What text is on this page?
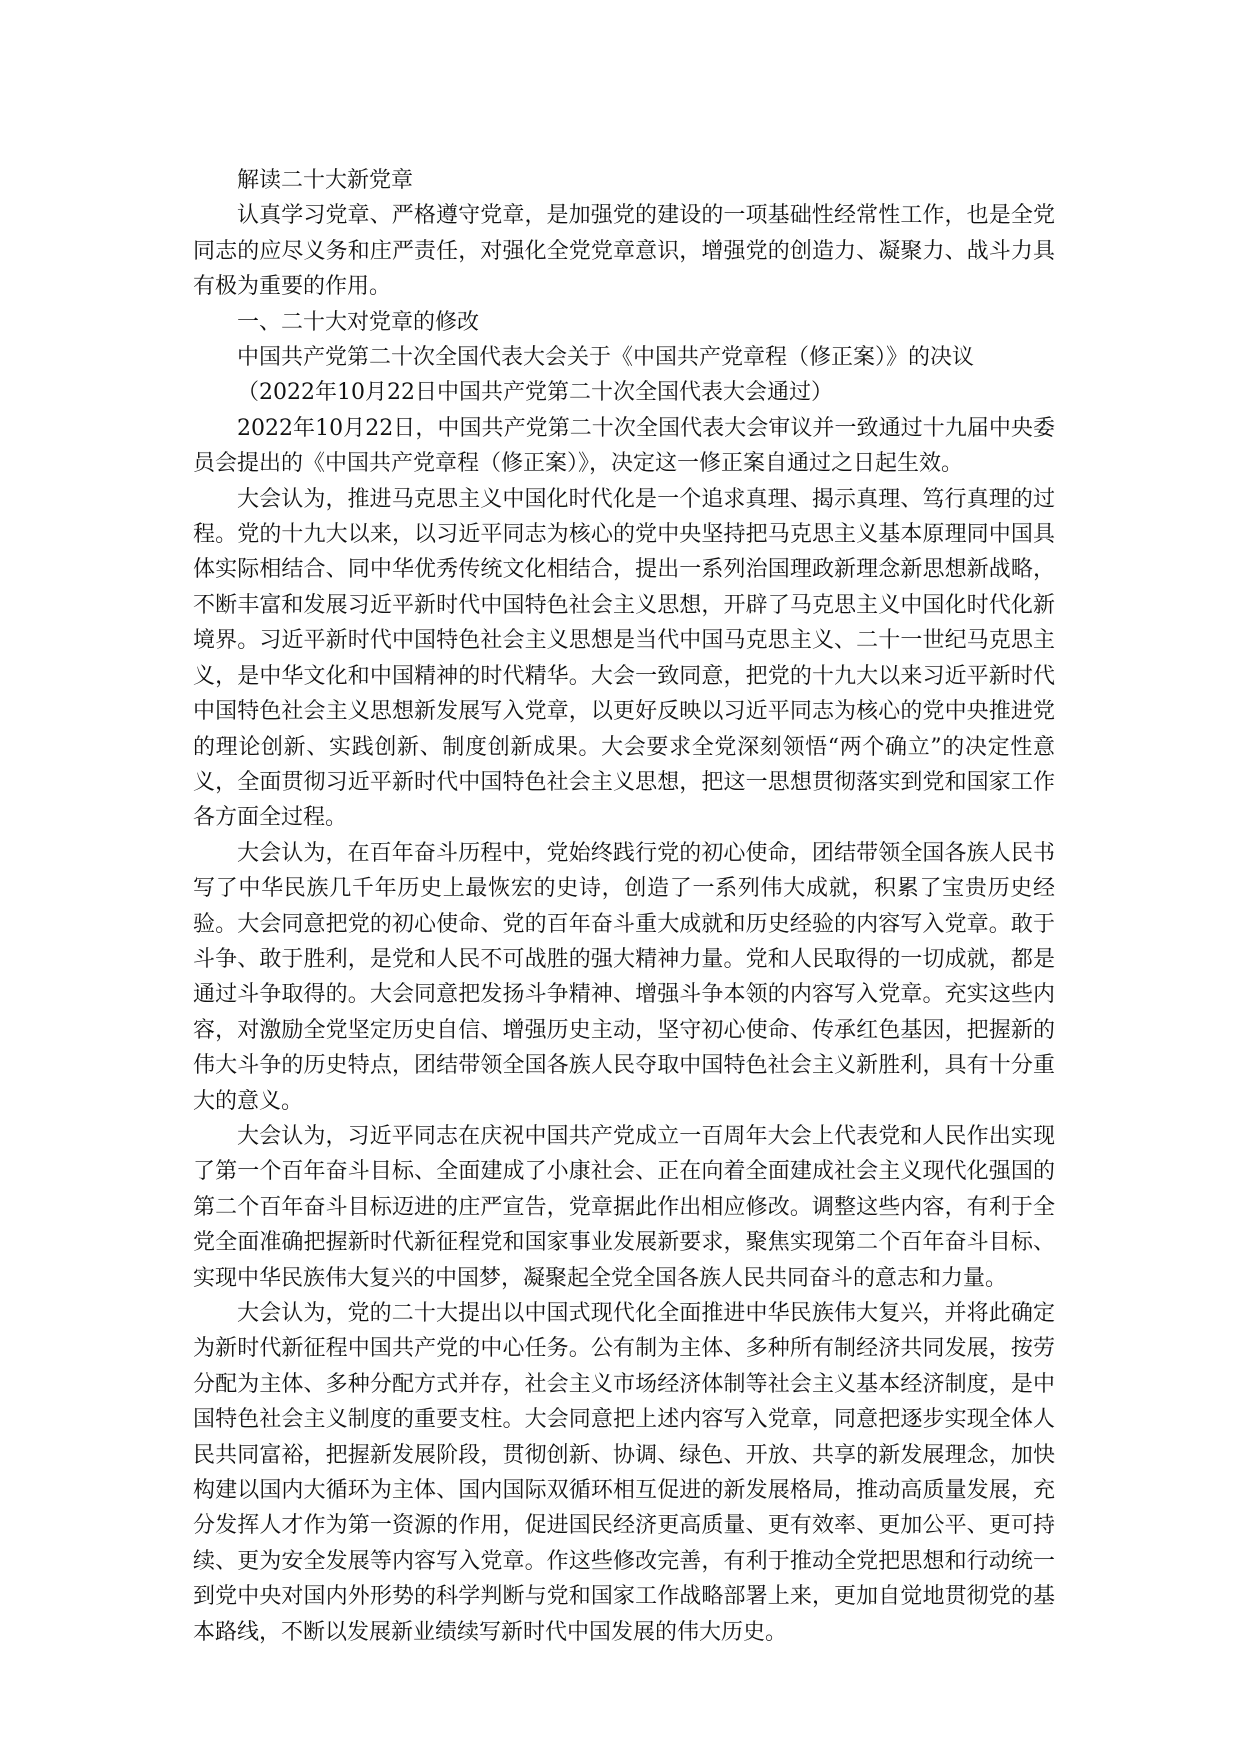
解读二十大新党章

认真学习党章、严格遵守党章，是加强党的建设的一项基础性经常性工作，也是全党同志的应尽义务和庄严责任，对强化全党党章意识，增强党的创造力、凝聚力、战斗力具有极为重要的作用。

一、二十大对党章的修改

中国共产党第二十次全国代表大会关于《中国共产党章程（修正案）》的决议

（2022年10月22日中国共产党第二十次全国代表大会通过）

2022年10月22日，中国共产党第二十次全国代表大会审议并一致通过十九届中央委员会提出的《中国共产党章程（修正案）》，决定这一修正案自通过之日起生效。

大会认为，推进马克思主义中国化时代化是一个追求真理、揭示真理、笃行真理的过程。党的十九大以来，以习近平同志为核心的党中央坚持把马克思主义基本原理同中国具体实际相结合、同中华优秀传统文化相结合，提出一系列治国理政新理念新思想新战略，不断丰富和发展习近平新时代中国特色社会主义思想，开辟了马克思主义中国化时代化新境界。习近平新时代中国特色社会主义思想是当代中国马克思主义、二十一世纪马克思主义，是中华文化和中国精神的时代精华。大会一致同意，把党的十九大以来习近平新时代中国特色社会主义思想新发展写入党章，以更好反映以习近平同志为核心的党中央推进党的理论创新、实践创新、制度创新成果。大会要求全党深刻领悟“两个确立”的决定性意义，全面贯彻习近平新时代中国特色社会主义思想，把这一思想贯彻落实到党和国家工作各方面全过程。

大会认为，在百年奋斗历程中，党始终践行党的初心使命，团结带领全国各族人民书写了中华民族几千年历史上最恢宏的史诗，创造了一系列伟大成就，积累了宝贵历史经验。大会同意把党的初心使命、党的百年奋斗重大成就和历史经验的内容写入党章。敢于斗争、敢于胜利，是党和人民不可战胜的强大精神力量。党和人民取得的一切成就，都是通过斗争取得的。大会同意把发扬斗争精神、增强斗争本领的内容写入党章。充实这些内容，对激励全党坚定历史自信、增强历史主动，坚守初心使命、传承红色基因，把握新的伟大斗争的历史特点，团结带领全国各族人民夺取中国特色社会主义新胜利，具有十分重大的意义。

大会认为，习近平同志在庆祝中国共产党成立一百周年大会上代表党和人民作出实现了第一个百年奋斗目标、全面建成了小康社会、正在向着全面建成社会主义现代化强国的第二个百年奋斗目标迈进的庄严宣告，党章据此作出相应修改。调整这些内容，有利于全党全面准确把握新时代新征程党和国家事业发展新要求，聚焦实现第二个百年奋斗目标、实现中华民族伟大复兴的中国梦，凝聚起全党全国各族人民共同奋斗的意志和力量。

大会认为，党的二十大提出以中国式现代化全面推进中华民族伟大复兴，并将此确定为新时代新征程中国共产党的中心任务。公有制为主体、多种所有制经济共同发展，按劳分配为主体、多种分配方式并存，社会主义市场经济体制等社会主义基本经济制度，是中国特色社会主义制度的重要支柱。大会同意把上述内容写入党章，同意把逐步实现全体人民共同富裕，把握新发展阶段，贯彻创新、协调、绿色、开放、共享的新发展理念，加快构建以国内大循环为主体、国内国际双循环相互促进的新发展格局，推动高质量发展，充分发挥人才作为第一资源的作用，促进国民经济更高质量、更有效率、更加公平、更可持续、更为安全发展等内容写入党章。作这些修改完善，有利于推动全党把思想和行动统一到党中央对国内外形势的科学判断与党和国家工作战略部署上来，更加自觉地贯彻党的基本路线，不断以发展新业绩续写新时代中国发展的伟大历史。
